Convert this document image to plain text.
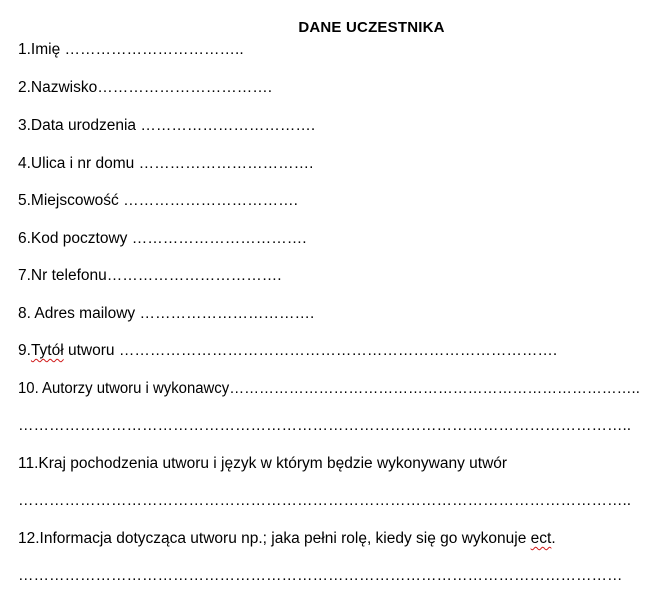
DANE UCZESTNIKA
1.Imię ……………………………..
2.Nazwisko…………………………….
3.Data urodzenia …………………………….
4.Ulica i nr domu …………………………….
5.Miejscowość …………………………….
6.Kod pocztowy …………………………….
7.Nr telefonu…………………………….
8. Adres mailowy …………………………….
9.Tytół utworu ………………………………………………………………………….
10. Autorzy utworu i wykonawcy………………………………………………………………………..
………………………………………………………………………………………………………..
11.Kraj pochodzenia utworu i język w którym będzie wykonywany utwór
………………………………………………………………………………………………………..
12.Informacja dotycząca utworu np.; jaka pełni rolę, kiedy się go wykonuje ect.
………………………………………………………………………………………………………
